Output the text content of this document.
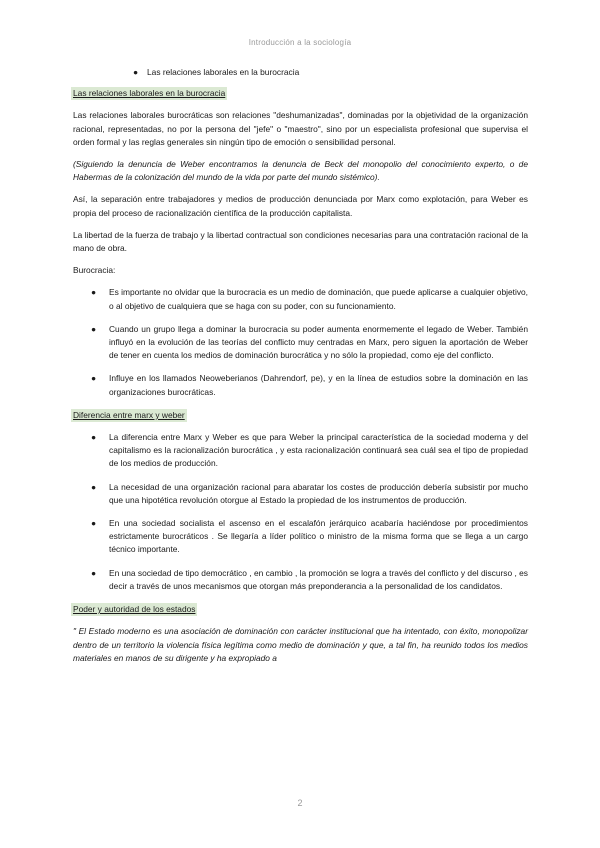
Introducción a la sociología
● Las relaciones laborales en la burocracia
Las relaciones laborales en la burocracia

Las relaciones laborales burocráticas son relaciones "deshumanizadas", dominadas por la objetividad de la organización racional, representadas, no por la persona del "jefe" o "maestro", sino por un especialista profesional que supervisa el orden formal y las reglas generales sin ningún tipo de emoción o sensibilidad personal.

(Siguiendo la denuncia de Weber encontramos la denuncia de Beck del monopolio del conocimiento experto, o de Habermas de la colonización del mundo de la vida por parte del mundo sistémico).

Así, la separación entre trabajadores y medios de producción denunciada por Marx como explotación, para Weber es propia del proceso de racionalización científica de la producción capitalista.

La libertad de la fuerza de trabajo y la libertad contractual son condiciones necesarias para una contratación racional de la mano de obra.

Burocracia:

● Es importante no olvidar que la burocracia es un medio de dominación, que puede aplicarse a cualquier objetivo, o al objetivo de cualquiera que se haga con su poder, con su funcionamiento.
● Cuando un grupo llega a dominar la burocracia su poder aumenta enormemente el legado de Weber. También influyó en la evolución de las teorías del conflicto muy centradas en Marx, pero siguen la aportación de Weber de tener en cuenta los medios de dominación burocrática y no sólo la propiedad, como eje del conflicto.
● Influye en los llamados Neoweberianos (Dahrendorf, pe), y en la línea de estudios sobre la dominación en las organizaciones burocráticas.
Diferencia entre marx y weber
● La diferencia entre Marx y Weber es que para Weber la principal característica de la sociedad moderna y del capitalismo es la racionalización burocrática , y esta racionalización continuará sea cuál sea el tipo de propiedad de los medios de producción.
● La necesidad de una organización racional para abaratar los costes de producción debería subsistir por mucho que una hipotética revolución otorgue al Estado la propiedad de los instrumentos de producción.
● En una sociedad socialista el ascenso en el escalafón jerárquico acabaría haciéndose por procedimientos estrictamente burocráticos . Se llegaría a líder político o ministro de la misma forma que se llega a un cargo técnico importante.
● En una sociedad de tipo democrático , en cambio , la promoción se logra a través del conflicto y del discurso , es decir a través de unos mecanismos que otorgan más preponderancia a la personalidad de los candidatos.
Poder y autoridad de los estados

" El Estado moderno es una asociación de dominación con carácter institucional que ha intentado, con éxito, monopolizar dentro de un territorio la violencia física legítima como medio de dominación y que, a tal fin, ha reunido todos los medios materiales en manos de su dirigente y ha expropiado a

2
